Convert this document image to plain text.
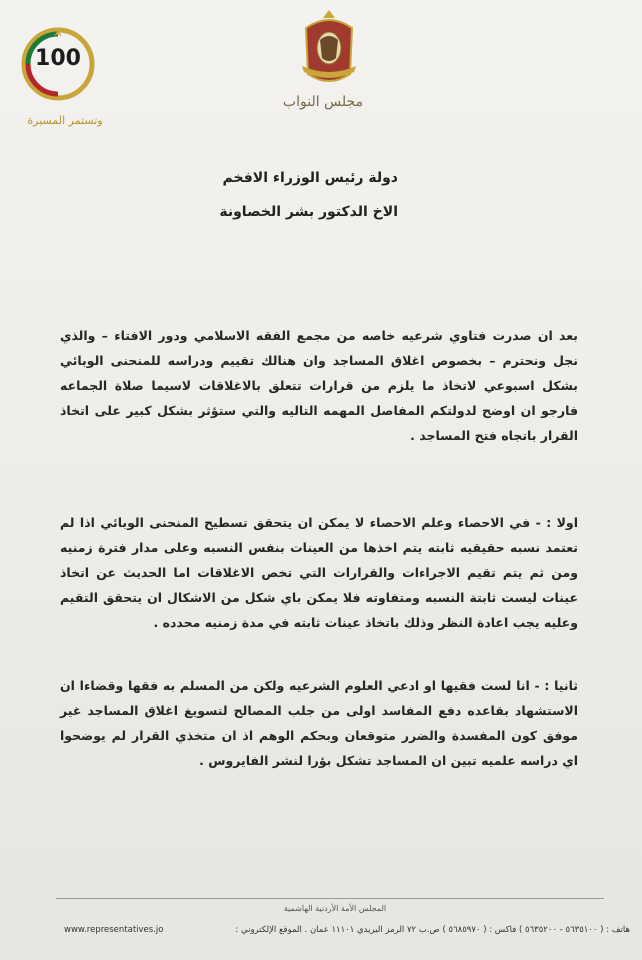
100
وتستمر المسيرة
مجلس النواب
دولة رئيس الوزراء الافخم
الاخ الدكتور بشر الخصاونة

بعد ان صدرت فتاوي شرعيه خاصه من مجمع الفقه الاسلامي ودور الافتاء – والذي نجل ونحترم – بخصوص اغلاق المساجد وان هنالك تقييم ودراسه للمنحنى الوبائي بشكل اسبوعي لاتخاذ ما يلزم من قرارات تتعلق بالاغلاقات لاسيما صلاة الجماعه فارجو ان اوضح لدولتكم المفاصل المهمه التاليه والتي ستؤثر بشكل كبير على اتخاذ القرار باتجاه فتح المساجد .

اولا : - في الاحصاء وعلم الاحصاء لا يمكن ان يتحقق تسطيح المنحنى الوبائي اذا لم تعتمد نسبه حقيقيه ثابته يتم اخذها من العينات بنفس النسبه وعلى مدار فترة زمنيه ومن ثم يتم تقيم الاجراءات والقرارات التي تخص الاغلاقات اما الحديث عن اتخاذ عينات ليست ثابتة النسبه ومتفاوته فلا يمكن باي شكل من الاشكال ان يتحقق التقيم وعليه يجب اعادة النظر وذلك باتخاذ عينات ثابته في مدة زمنيه محدده .

ثانيا : - انا لست فقيها او ادعي العلوم الشرعيه ولكن من المسلم به فقها وقضاءا ان الاستشهاد بقاعده دفع المفاسد اولى من جلب المصالح لتسويغ اغلاق المساجد غير موفق كون المفسدة والضرر متوقعان وبحكم الوهم اذ ان متخذي القرار لم يوضحوا اي دراسه علميه تبين ان المساجد تشكل بؤرا لنشر الفايروس .

المجلس الأمة الأردنية الهاشمية
هاتف : ( ٥٦٣٥١٠٠ - ٥٦٣٥٢٠٠ ) فاكس : ( ٥٦٨٥٩٧٠ ) ص.ب ٧٢ الرمز البريدي ١١١٠١ عمان . الموقع الإلكتروني :
www.representatives.jo
